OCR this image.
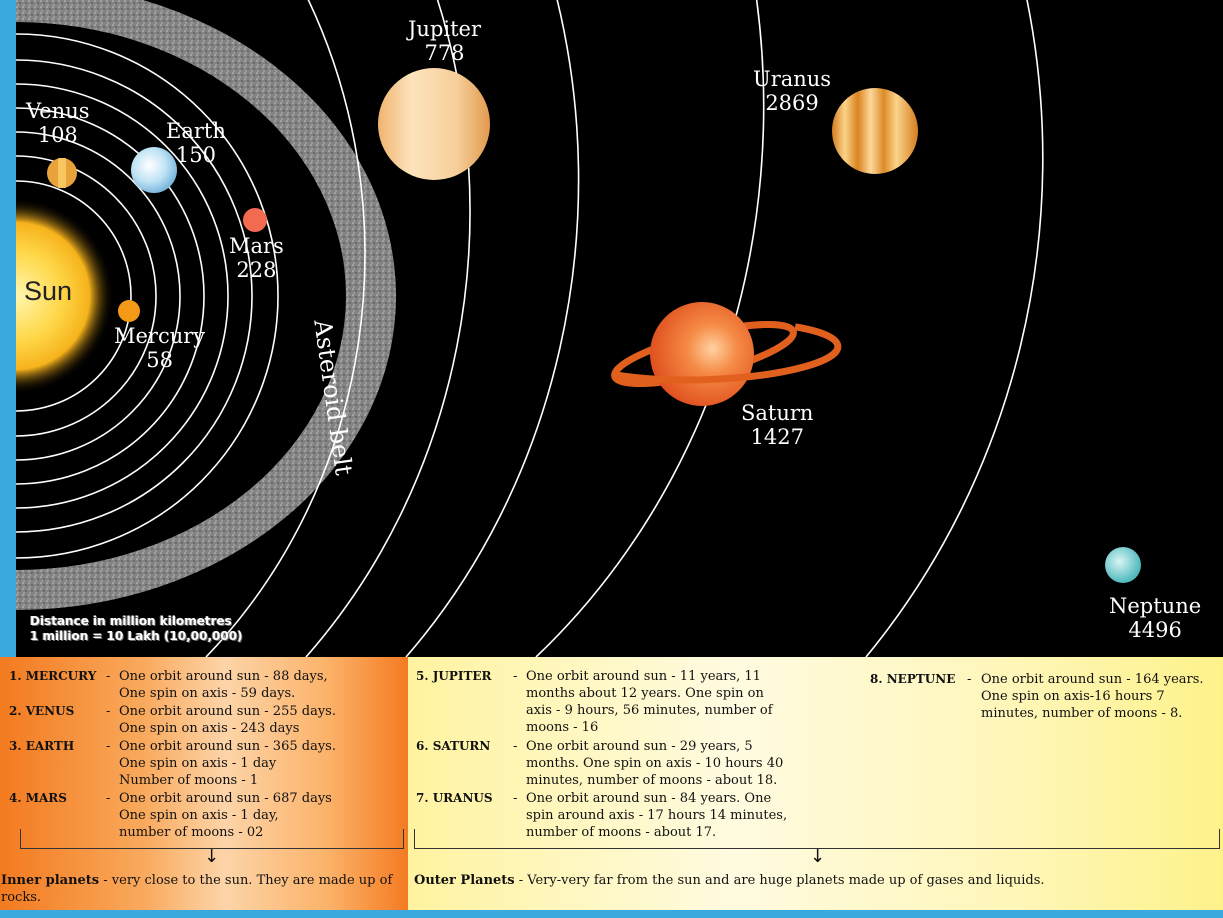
Sun
Mercury
58
Venus
108	Earth
150
Mars
228
Jupiter
778
Saturn
1427
Uranus
2869
Neptune
4496
Asteroid belt
Distance in million kilometres
1 million = 10 Lakh (10,00,000)
1. MERCURY - One orbit around sun - 88 days,
One spin on axis - 59 days.
2. VENUS - One orbit around sun - 255 days.
One spin on axis - 243 days
3. EARTH - One orbit around sun - 365 days.
One spin on axis - 1 day
Number of moons - 1
4. MARS	- One orbit around sun - 687 days
One spin on axis - 1 day,
number of moons - 02
↓
Inner planets - very close to the sun. They are made up of rocks.
5. JUPITER - One orbit around sun - 11 years, 11
months about 12 years. One spin on
axis - 9 hours, 56 minutes, number of
moons - 16
6. SATURN - One orbit around sun - 29 years, 5
months. One spin on axis - 10 hours 40
minutes, number of moons - about 18.
7. URANUS - One orbit around sun - 84 years. One
spin around axis - 17 hours 14 minutes,
number of moons - about 17.
8. NEPTUNE - One orbit around sun - 164 years.
One spin on axis-16 hours 7
minutes, number of moons - 8.
↓
Outer Planets - Very-very far from the sun and are huge planets made up of gases and liquids.
